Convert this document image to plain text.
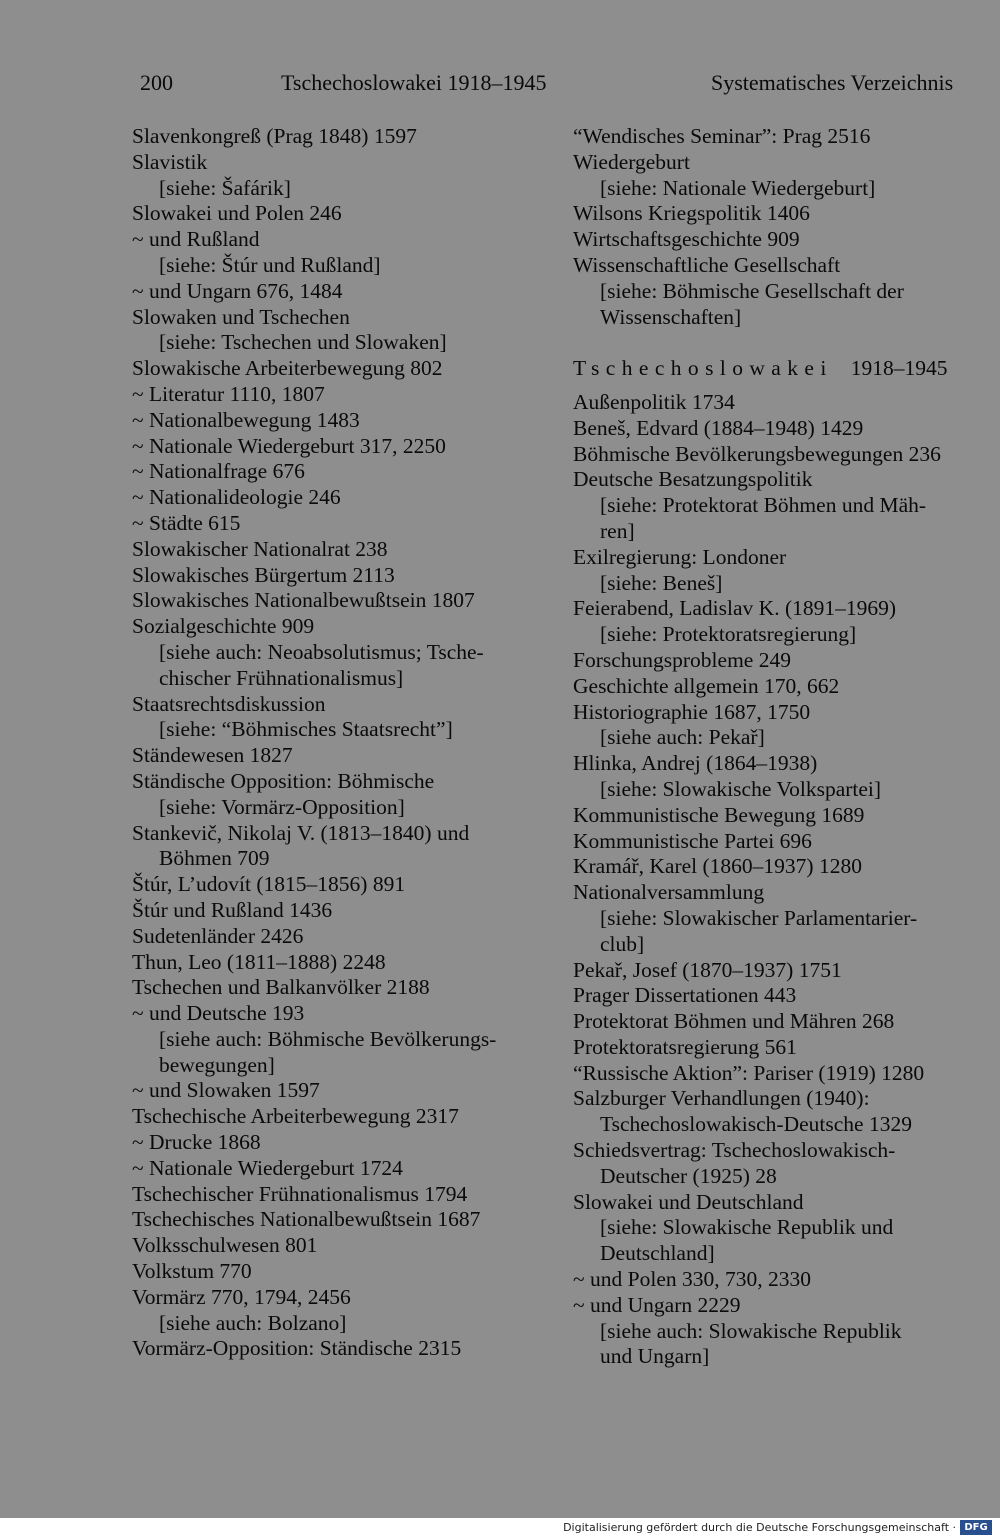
200	Tschechoslowakei 1918–1945	Systematisches Verzeichnis
Slavenkongreß (Prag 1848) 1597
Slavistik
[siehe: Šafárik]
Slowakei und Polen 246
~ und Rußland
[siehe: Štúr und Rußland]
~ und Ungarn 676, 1484
Slowaken und Tschechen
[siehe: Tschechen und Slowaken]
Slowakische Arbeiterbewegung 802
~ Literatur 1110, 1807
~ Nationalbewegung 1483
~ Nationale Wiedergeburt 317, 2250
~ Nationalfrage 676
~ Nationalideologie 246
~ Städte 615
Slowakischer Nationalrat 238
Slowakisches Bürgertum 2113
Slowakisches Nationalbewußtsein 1807
Sozialgeschichte 909
[siehe auch: Neoabsolutismus; Tsche-
chischer Frühnationalismus]
Staatsrechtsdiskussion
[siehe: “Böhmisches Staatsrecht”]
Ständewesen 1827
Ständische Opposition: Böhmische
[siehe: Vormärz-Opposition]
Stankevič, Nikolaj V. (1813–1840) und
Böhmen 709
Štúr, L’udovít (1815–1856) 891
Štúr und Rußland 1436
Sudetenländer 2426
Thun, Leo (1811–1888) 2248
Tschechen und Balkanvölker 2188
~ und Deutsche 193
[siehe auch: Böhmische Bevölkerungs-
bewegungen]
~ und Slowaken 1597
Tschechische Arbeiterbewegung 2317
~ Drucke 1868
~ Nationale Wiedergeburt 1724
Tschechischer Frühnationalismus 1794
Tschechisches Nationalbewußtsein 1687
Volksschulwesen 801
Volkstum 770
Vormärz 770, 1794, 2456
[siehe auch: Bolzano]
Vormärz-Opposition: Ständische 2315
“Wendisches Seminar”: Prag 2516
Wiedergeburt
[siehe: Nationale Wiedergeburt]
Wilsons Kriegspolitik 1406
Wirtschaftsgeschichte 909
Wissenschaftliche Gesellschaft
[siehe: Böhmische Gesellschaft der
Wissenschaften]
Tschechoslowakei 1918–1945
Außenpolitik 1734
Beneš, Edvard (1884–1948) 1429
Böhmische Bevölkerungsbewegungen 236
Deutsche Besatzungspolitik
[siehe: Protektorat Böhmen und Mäh-
ren]
Exilregierung: Londoner
[siehe: Beneš]
Feierabend, Ladislav K. (1891–1969)
[siehe: Protektoratsregierung]
Forschungsprobleme 249
Geschichte allgemein 170, 662
Historiographie 1687, 1750
[siehe auch: Pekař]
Hlinka, Andrej (1864–1938)
[siehe: Slowakische Volkspartei]
Kommunistische Bewegung 1689
Kommunistische Partei 696
Kramář, Karel (1860–1937) 1280
Nationalversammlung
[siehe: Slowakischer Parlamentarier-
club]
Pekař, Josef (1870–1937) 1751
Prager Dissertationen 443
Protektorat Böhmen und Mähren 268
Protektoratsregierung 561
“Russische Aktion”: Pariser (1919) 1280
Salzburger Verhandlungen (1940):
Tschechoslowakisch-Deutsche 1329
Schiedsvertrag: Tschechoslowakisch-
Deutscher (1925) 28
Slowakei und Deutschland
[siehe: Slowakische Republik und
Deutschland]
~ und Polen 330, 730, 2330
~ und Ungarn 2229
[siehe auch: Slowakische Republik
und Ungarn]
Digitalisierung gefördert durch die Deutsche Forschungsgemeinschaft · DFG
